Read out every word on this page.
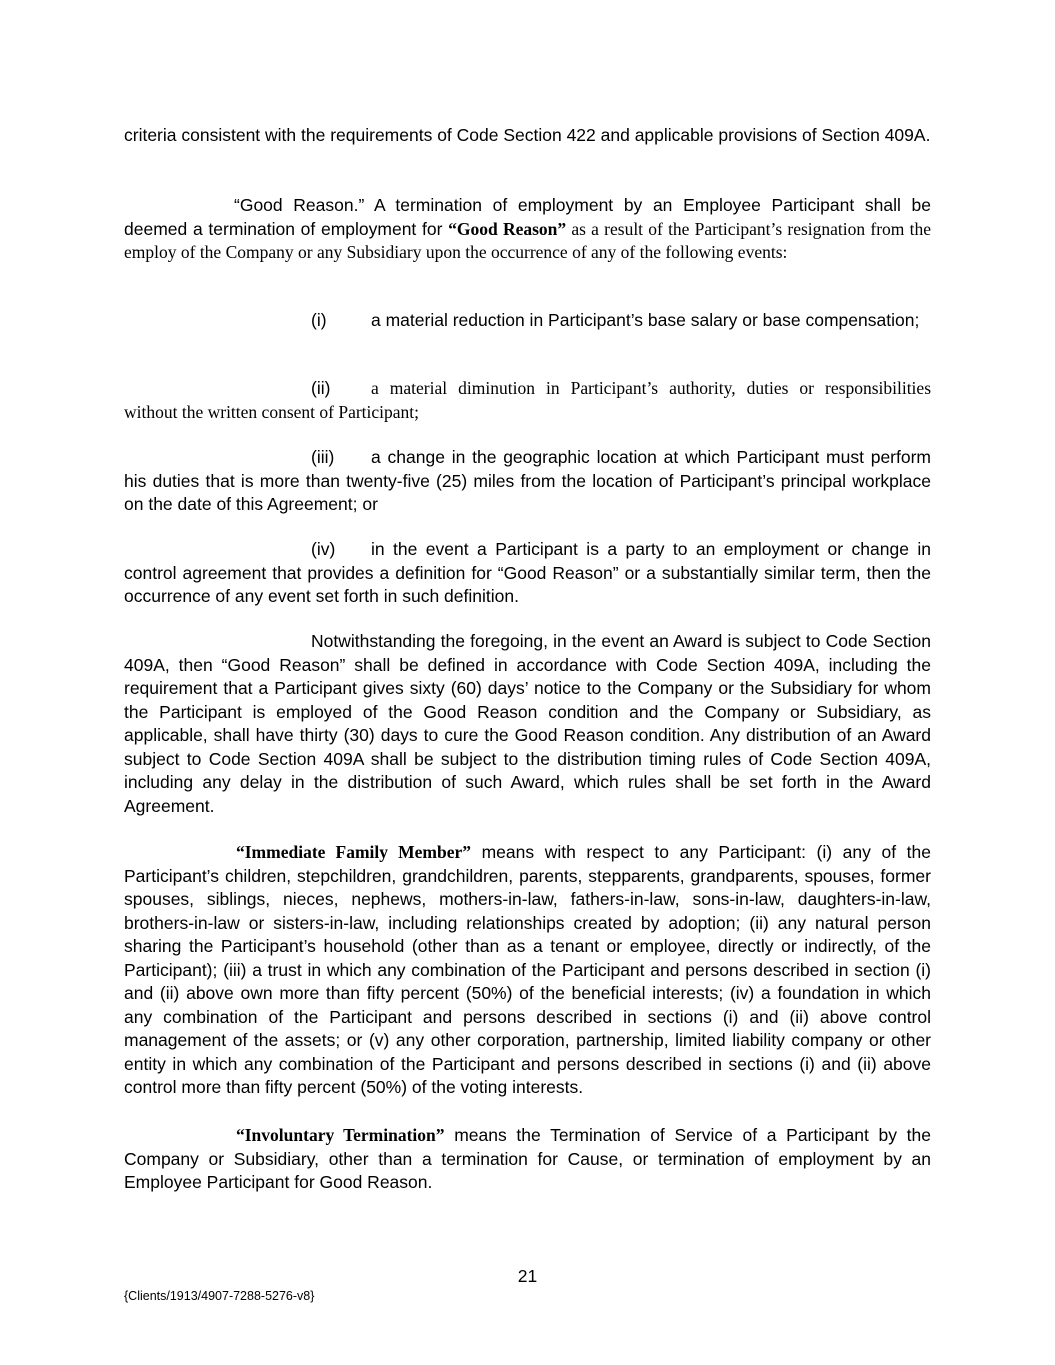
criteria consistent with the requirements of Code Section 422 and applicable provisions of Section 409A.

“Good Reason.” A termination of employment by an Employee Participant shall be deemed a termination of employment for “Good Reason” as a result of the Participant’s resignation from the employ of the Company or any Subsidiary upon the occurrence of any of the following events:

(i)	a material reduction in Participant’s base salary or base compensation;

(ii) a material diminution in Participant’s authority, duties or responsibilities without the written consent of Participant;

(iii) a change in the geographic location at which Participant must perform his duties that is more than twenty-five (25) miles from the location of Participant’s principal workplace on the date of this Agreement; or

(iv) in the event a Participant is a party to an employment or change in control agreement that provides a definition for “Good Reason” or a substantially similar term, then the occurrence of any event set forth in such definition.

Notwithstanding the foregoing, in the event an Award is subject to Code Section 409A, then “Good Reason” shall be defined in accordance with Code Section 409A, including the requirement that a Participant gives sixty (60) days’ notice to the Company or the Subsidiary for whom the Participant is employed of the Good Reason condition and the Company or Subsidiary, as applicable, shall have thirty (30) days to cure the Good Reason condition. Any distribution of an Award subject to Code Section 409A shall be subject to the distribution timing rules of Code Section 409A, including any delay in the distribution of such Award, which rules shall be set forth in the Award Agreement.

“Immediate Family Member” means with respect to any Participant: (i) any of the Participant’s children, stepchildren, grandchildren, parents, stepparents, grandparents, spouses, former spouses, siblings, nieces, nephews, mothers-in-law, fathers-in-law, sons-in-law, daughters-in-law, brothers-in-law or sisters-in-law, including relationships created by adoption; (ii) any natural person sharing the Participant’s household (other than as a tenant or employee, directly or indirectly, of the Participant); (iii) a trust in which any combination of the Participant and persons described in section (i) and (ii) above own more than fifty percent (50%) of the beneficial interests; (iv) a foundation in which any combination of the Participant and persons described in sections (i) and (ii) above control management of the assets; or (v) any other corporation, partnership, limited liability company or other entity in which any combination of the Participant and persons described in sections (i) and (ii) above control more than fifty percent (50%) of the voting interests.

“Involuntary Termination” means the Termination of Service of a Participant by the Company or Subsidiary, other than a termination for Cause, or termination of employment by an Employee Participant for Good Reason.

21
{Clients/1913/4907-7288-5276-v8}
